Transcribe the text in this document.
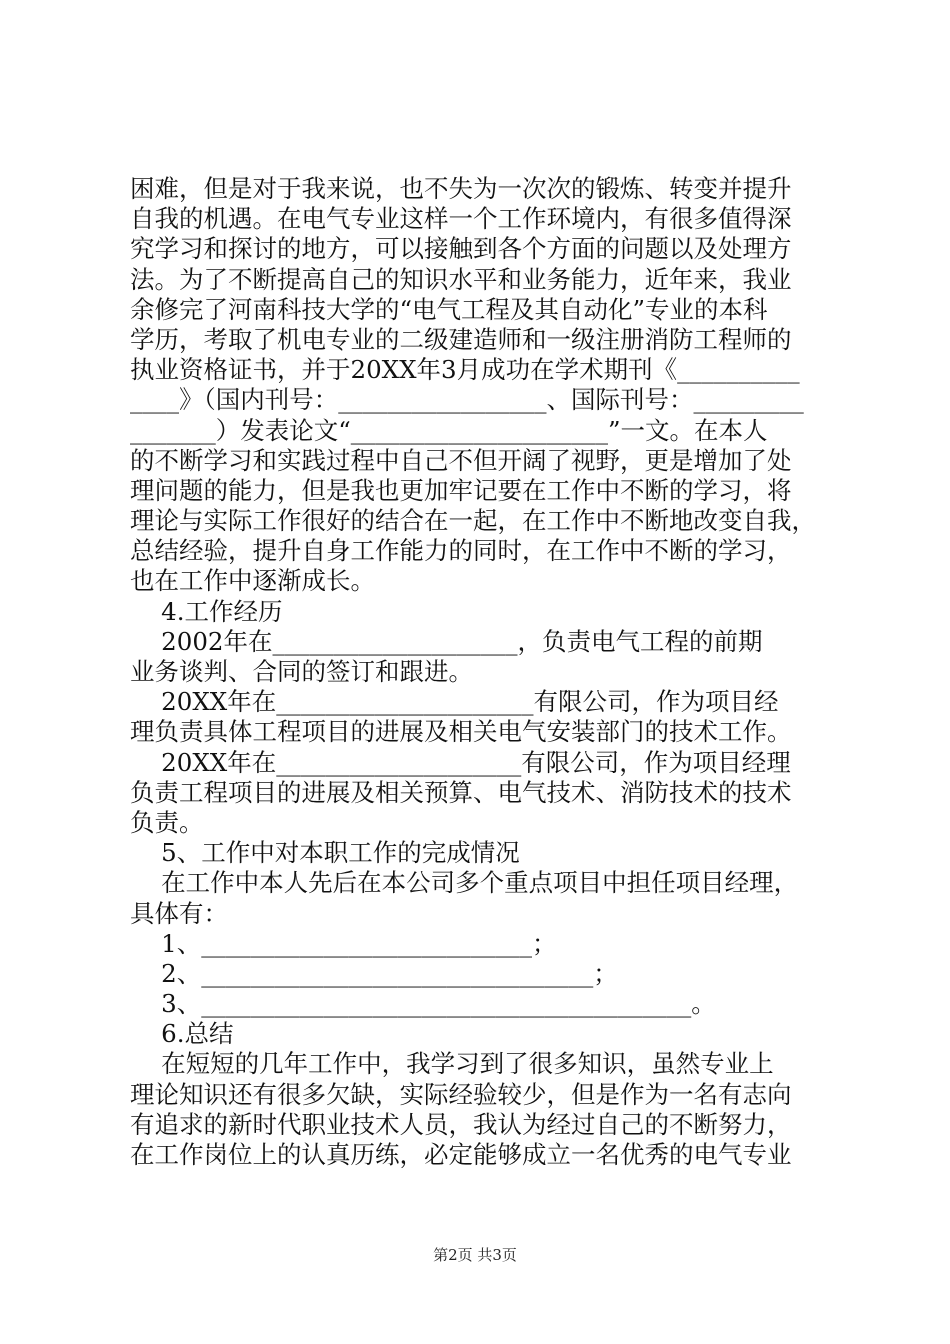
困难，但是对于我来说，也不失为一次次的锻炼、转变并提升
自我的机遇。在电气专业这样一个工作环境内，有很多值得深
究学习和探讨的地方，可以接触到各个方面的问题以及处理方
法。为了不断提高自己的知识水平和业务能力，近年来，我业
余修完了河南科技大学的“电气工程及其自动化”专业的本科
学历，考取了机电专业的二级建造师和一级注册消防工程师的
执业资格证书，并于20XX年3月成功在学术期刊《__________
____》（国内刊号：_________________、国际刊号：_________
_______）发表论文“_____________________”一文。在本人
的不断学习和实践过程中自己不但开阔了视野，更是增加了处
理问题的能力，但是我也更加牢记要在工作中不断的学习，将
理论与实际工作很好的结合在一起，在工作中不断地改变自我，
总结经验，提升自身工作能力的同时，在工作中不断的学习，
也在工作中逐渐成长。
4.工作经历
2002年在____________________，负责电气工程的前期
业务谈判、合同的签订和跟进。
20XX年在_____________________有限公司，作为项目经
理负责具体工程项目的进展及相关电气安装部门的技术工作。
20XX年在____________________有限公司，作为项目经理
负责工程项目的进展及相关预算、电气技术、消防技术的技术
负责。
5、工作中对本职工作的完成情况
在工作中本人先后在本公司多个重点项目中担任项目经理，
具体有：
1、___________________________；
2、________________________________；
3、________________________________________。
6.总结
在短短的几年工作中，我学习到了很多知识，虽然专业上
理论知识还有很多欠缺，实际经验较少，但是作为一名有志向
有追求的新时代职业技术人员，我认为经过自己的不断努力，
在工作岗位上的认真历练，必定能够成立一名优秀的电气专业
第2页 共3页
